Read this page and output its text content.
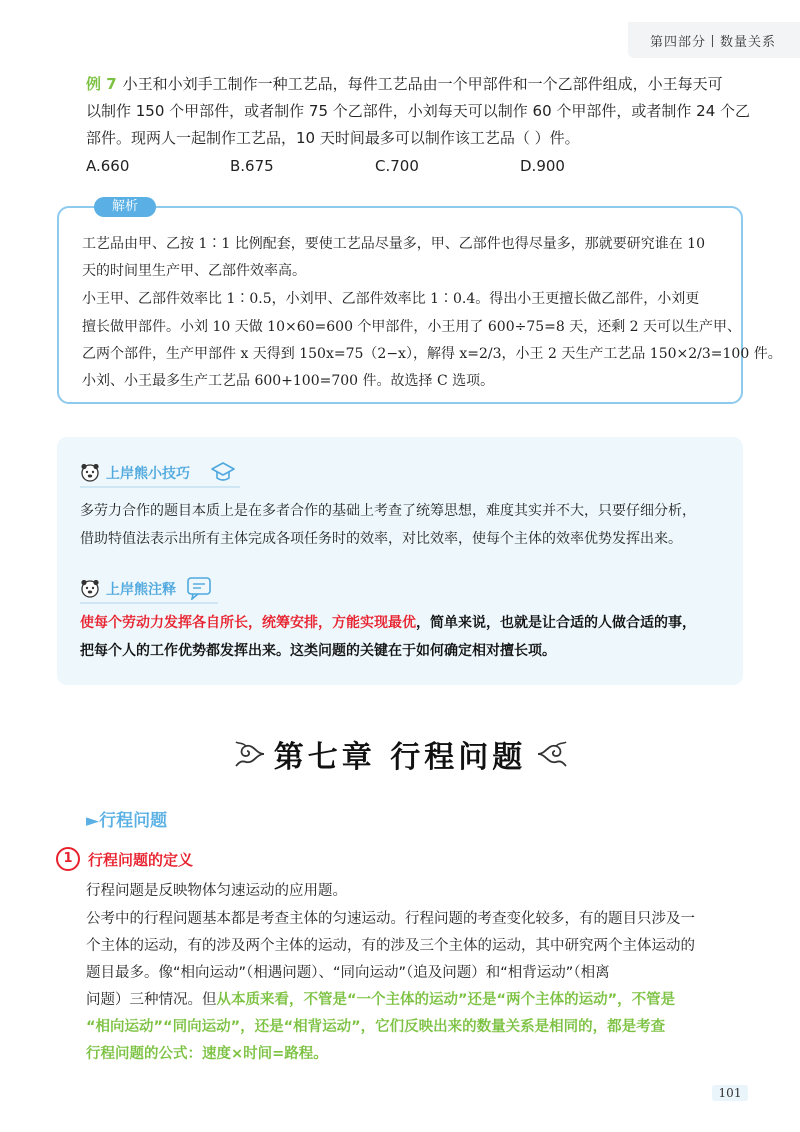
第四部分丨数量关系
例 7 小王和小刘手工制作一种工艺品，每件工艺品由一个甲部件和一个乙部件组成，小王每天可
以制作 150 个甲部件，或者制作 75 个乙部件，小刘每天可以制作 60 个甲部件，或者制作 24 个乙
部件。现两人一起制作工艺品，10 天时间最多可以制作该工艺品（ ）件。
A.660	B.675	C.700	D.900
解析
工艺品由甲、乙按 1∶1 比例配套，要使工艺品尽量多，甲、乙部件也得尽量多，那就要研究谁在 10
天的时间里生产甲、乙部件效率高。
小王甲、乙部件效率比 1∶0.5，小刘甲、乙部件效率比 1∶0.4。得出小王更擅长做乙部件，小刘更
擅长做甲部件。小刘 10 天做 10×60=600 个甲部件，小王用了 600÷75=8 天，还剩 2 天可以生产甲、
乙两个部件，生产甲部件 x 天得到 150x=75（2−x），解得 x=2/3，小王 2 天生产工艺品 150×2/3=100 件。
小刘、小王最多生产工艺品 600+100=700 件。故选择 C 选项。
上岸熊小技巧
多劳力合作的题目本质上是在多者合作的基础上考查了统筹思想，难度其实并不大，只要仔细分析，
借助特值法表示出所有主体完成各项任务时的效率，对比效率，使每个主体的效率优势发挥出来。
上岸熊注释
使每个劳动力发挥各自所长，统筹安排，方能实现最优，简单来说，也就是让合适的人做合适的事，
把每个人的工作优势都发挥出来。这类问题的关键在于如何确定相对擅长项。
第七章 行程问题
►行程问题
1	行程问题的定义
行程问题是反映物体匀速运动的应用题。
公考中的行程问题基本都是考查主体的匀速运动。行程问题的考查变化较多，有的题目只涉及一
个主体的运动，有的涉及两个主体的运动，有的涉及三个主体的运动，其中研究两个主体运动的
题目最多。像“相向运动”（相遇问题）、“同向运动”（追及问题）和“相背运动”（相离
问题）三种情况。但从本质来看，不管是“一个主体的运动”还是“两个主体的运动”，不管是
“相向运动”“同向运动”，还是“相背运动”，它们反映出来的数量关系是相同的，都是考查
行程问题的公式：速度×时间=路程。
101
